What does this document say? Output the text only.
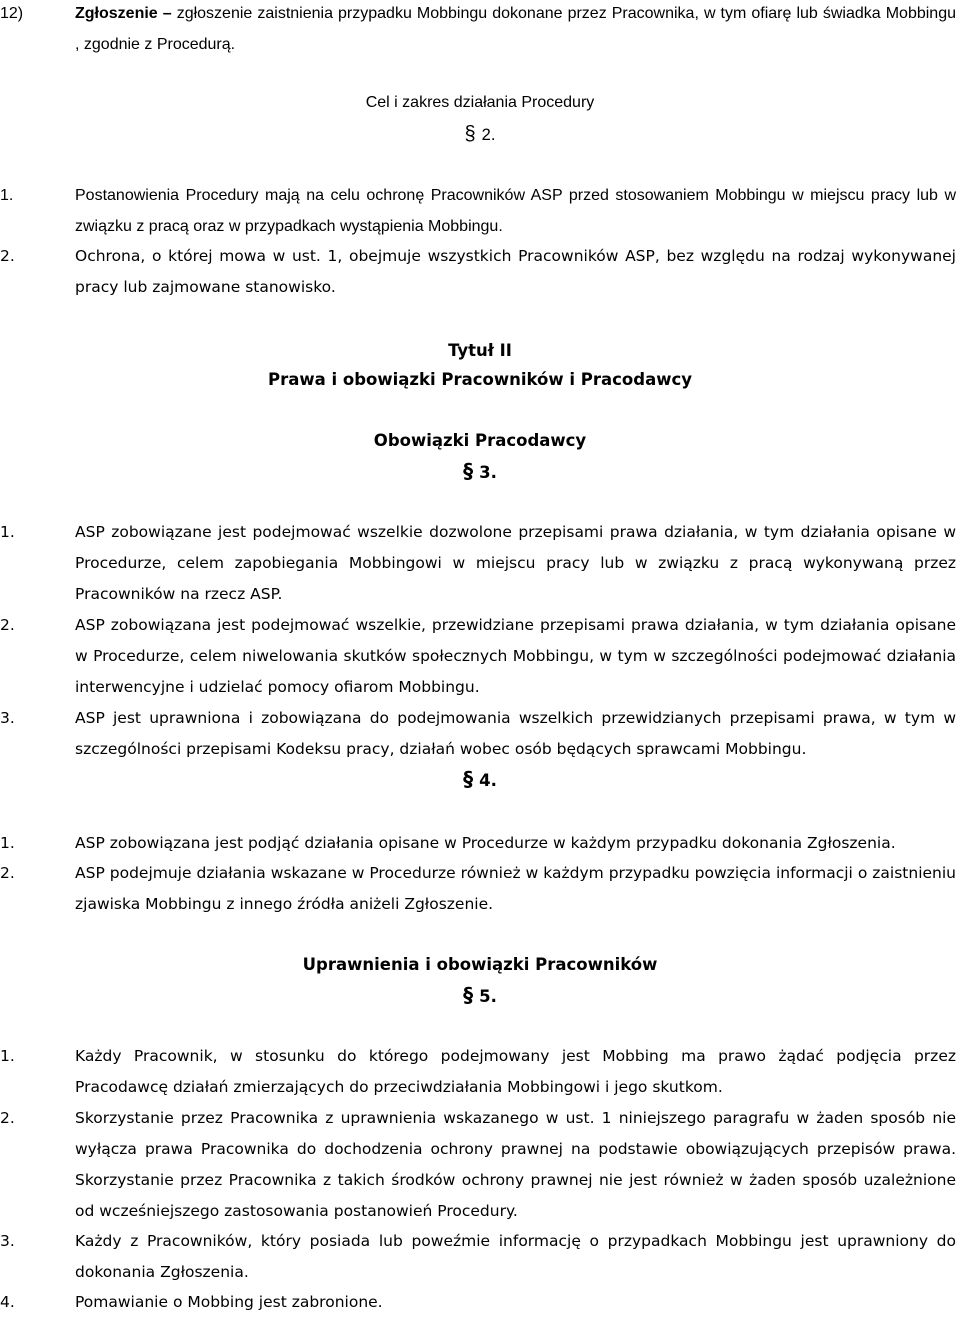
12)	Zgłoszenie – zgłoszenie zaistnienia przypadku Mobbingu dokonane przez Pracownika, w tym ofiarę lub świadka Mobbingu , zgodnie z Procedurą.
Cel i zakres działania Procedury
§ 2.
1.	Postanowienia Procedury mają na celu ochronę Pracowników ASP przed stosowaniem Mobbingu w miejscu pracy lub w związku z pracą oraz w przypadkach wystąpienia Mobbingu.
2.	Ochrona, o której mowa w ust. 1, obejmuje wszystkich Pracowników ASP, bez względu na rodzaj wykonywanej pracy lub zajmowane stanowisko.
Tytuł II
Prawa i obowiązki Pracowników i Pracodawcy
Obowiązki Pracodawcy
§ 3.
1.	ASP zobowiązane jest podejmować wszelkie dozwolone przepisami prawa działania, w tym działania opisane w Procedurze, celem zapobiegania Mobbingowi w miejscu pracy lub w związku z pracą wykonywaną przez Pracowników na rzecz ASP.
2.	ASP zobowiązana jest podejmować wszelkie, przewidziane przepisami prawa działania, w tym działania opisane w Procedurze, celem niwelowania skutków społecznych Mobbingu, w tym w szczególności podejmować działania interwencyjne i udzielać pomocy ofiarom Mobbingu.
3.	ASP jest uprawniona i zobowiązana do podejmowania wszelkich przewidzianych przepisami prawa, w tym w szczególności przepisami Kodeksu pracy, działań wobec osób będących sprawcami Mobbingu.
§ 4.
1.	ASP zobowiązana jest podjąć działania opisane w Procedurze w każdym przypadku dokonania Zgłoszenia.
2.	ASP podejmuje działania wskazane w Procedurze również w każdym przypadku powzięcia informacji o zaistnieniu zjawiska Mobbingu z innego źródła aniżeli Zgłoszenie.
Uprawnienia i obowiązki Pracowników
§ 5.
1.	Każdy Pracownik, w stosunku do którego podejmowany jest Mobbing ma prawo żądać podjęcia przez Pracodawcę działań zmierzających do przeciwdziałania Mobbingowi i jego skutkom.
2.	Skorzystanie przez Pracownika z uprawnienia wskazanego w ust. 1 niniejszego paragrafu w żaden sposób nie wyłącza prawa Pracownika do dochodzenia ochrony prawnej na podstawie obowiązujących przepisów prawa. Skorzystanie przez Pracownika z takich środków ochrony prawnej nie jest również w żaden sposób uzależnione od wcześniejszego zastosowania postanowień Procedury.
3.	Każdy z Pracowników, który posiada lub poweźmie informację o przypadkach Mobbingu jest uprawniony do dokonania Zgłoszenia.
4.	Pomawianie o Mobbing jest zabronione.
